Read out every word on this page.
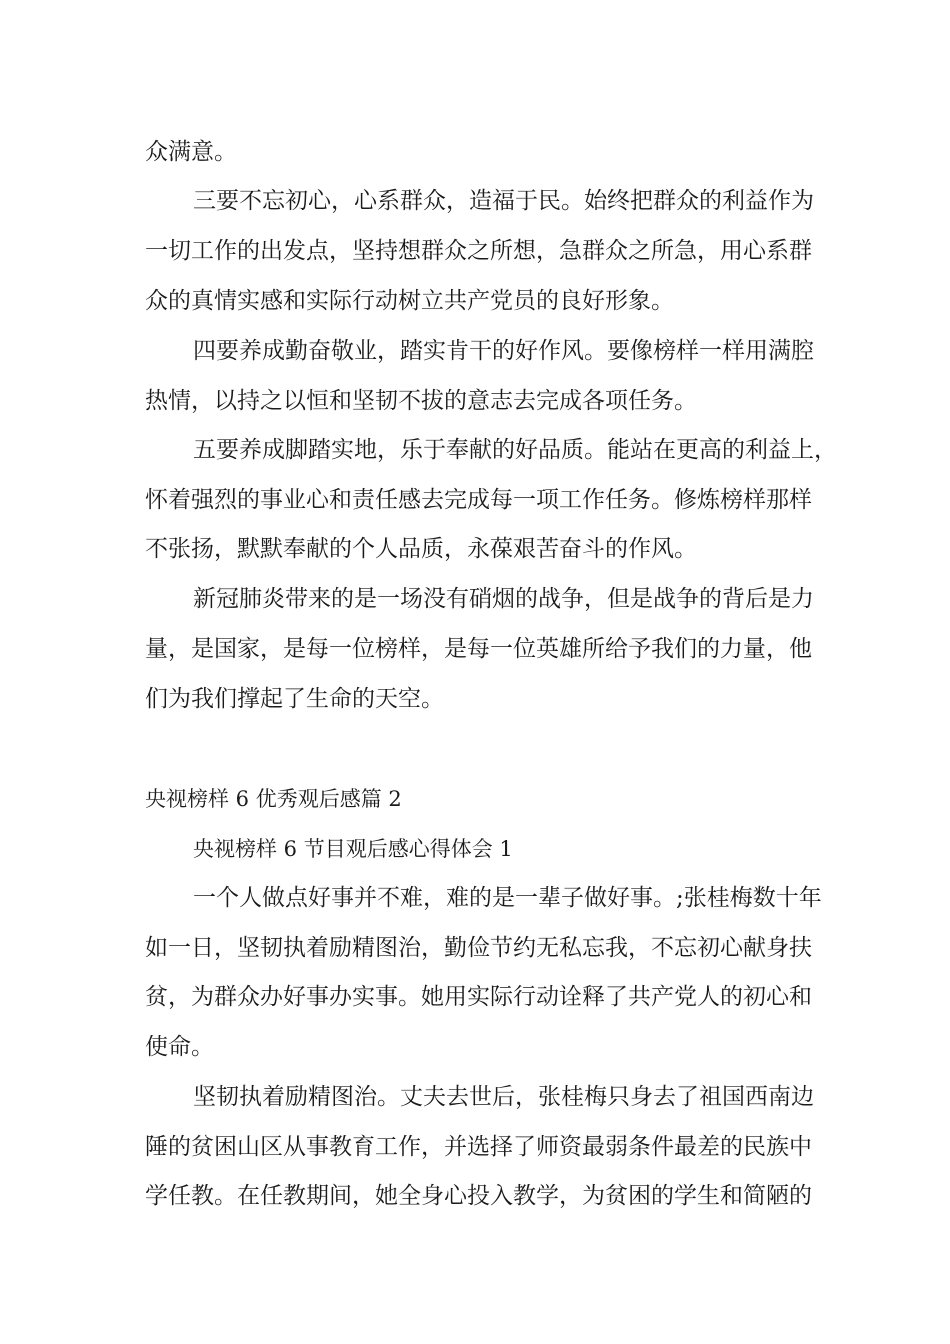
众满意。
三要不忘初心，心系群众，造福于民。始终把群众的利益作为
一切工作的出发点，坚持想群众之所想，急群众之所急，用心系群
众的真情实感和实际行动树立共产党员的良好形象。
四要养成勤奋敬业，踏实肯干的好作风。要像榜样一样用满腔
热情，以持之以恒和坚韧不拔的意志去完成各项任务。
五要养成脚踏实地，乐于奉献的好品质。能站在更高的利益上，
怀着强烈的事业心和责任感去完成每一项工作任务。修炼榜样那样
不张扬，默默奉献的个人品质，永葆艰苦奋斗的作风。
新冠肺炎带来的是一场没有硝烟的战争，但是战争的背后是力
量，是国家，是每一位榜样，是每一位英雄所给予我们的力量，他
们为我们撑起了生命的天空。
央视榜样 6 优秀观后感篇 2
央视榜样 6 节目观后感心得体会 1
一个人做点好事并不难，难的是一辈子做好事。;张桂梅数十年
如一日，坚韧执着励精图治，勤俭节约无私忘我，不忘初心献身扶
贫，为群众办好事办实事。她用实际行动诠释了共产党人的初心和
使命。
坚韧执着励精图治。丈夫去世后，张桂梅只身去了祖国西南边
陲的贫困山区从事教育工作，并选择了师资最弱条件最差的民族中
学任教。在任教期间，她全身心投入教学，为贫困的学生和简陋的
